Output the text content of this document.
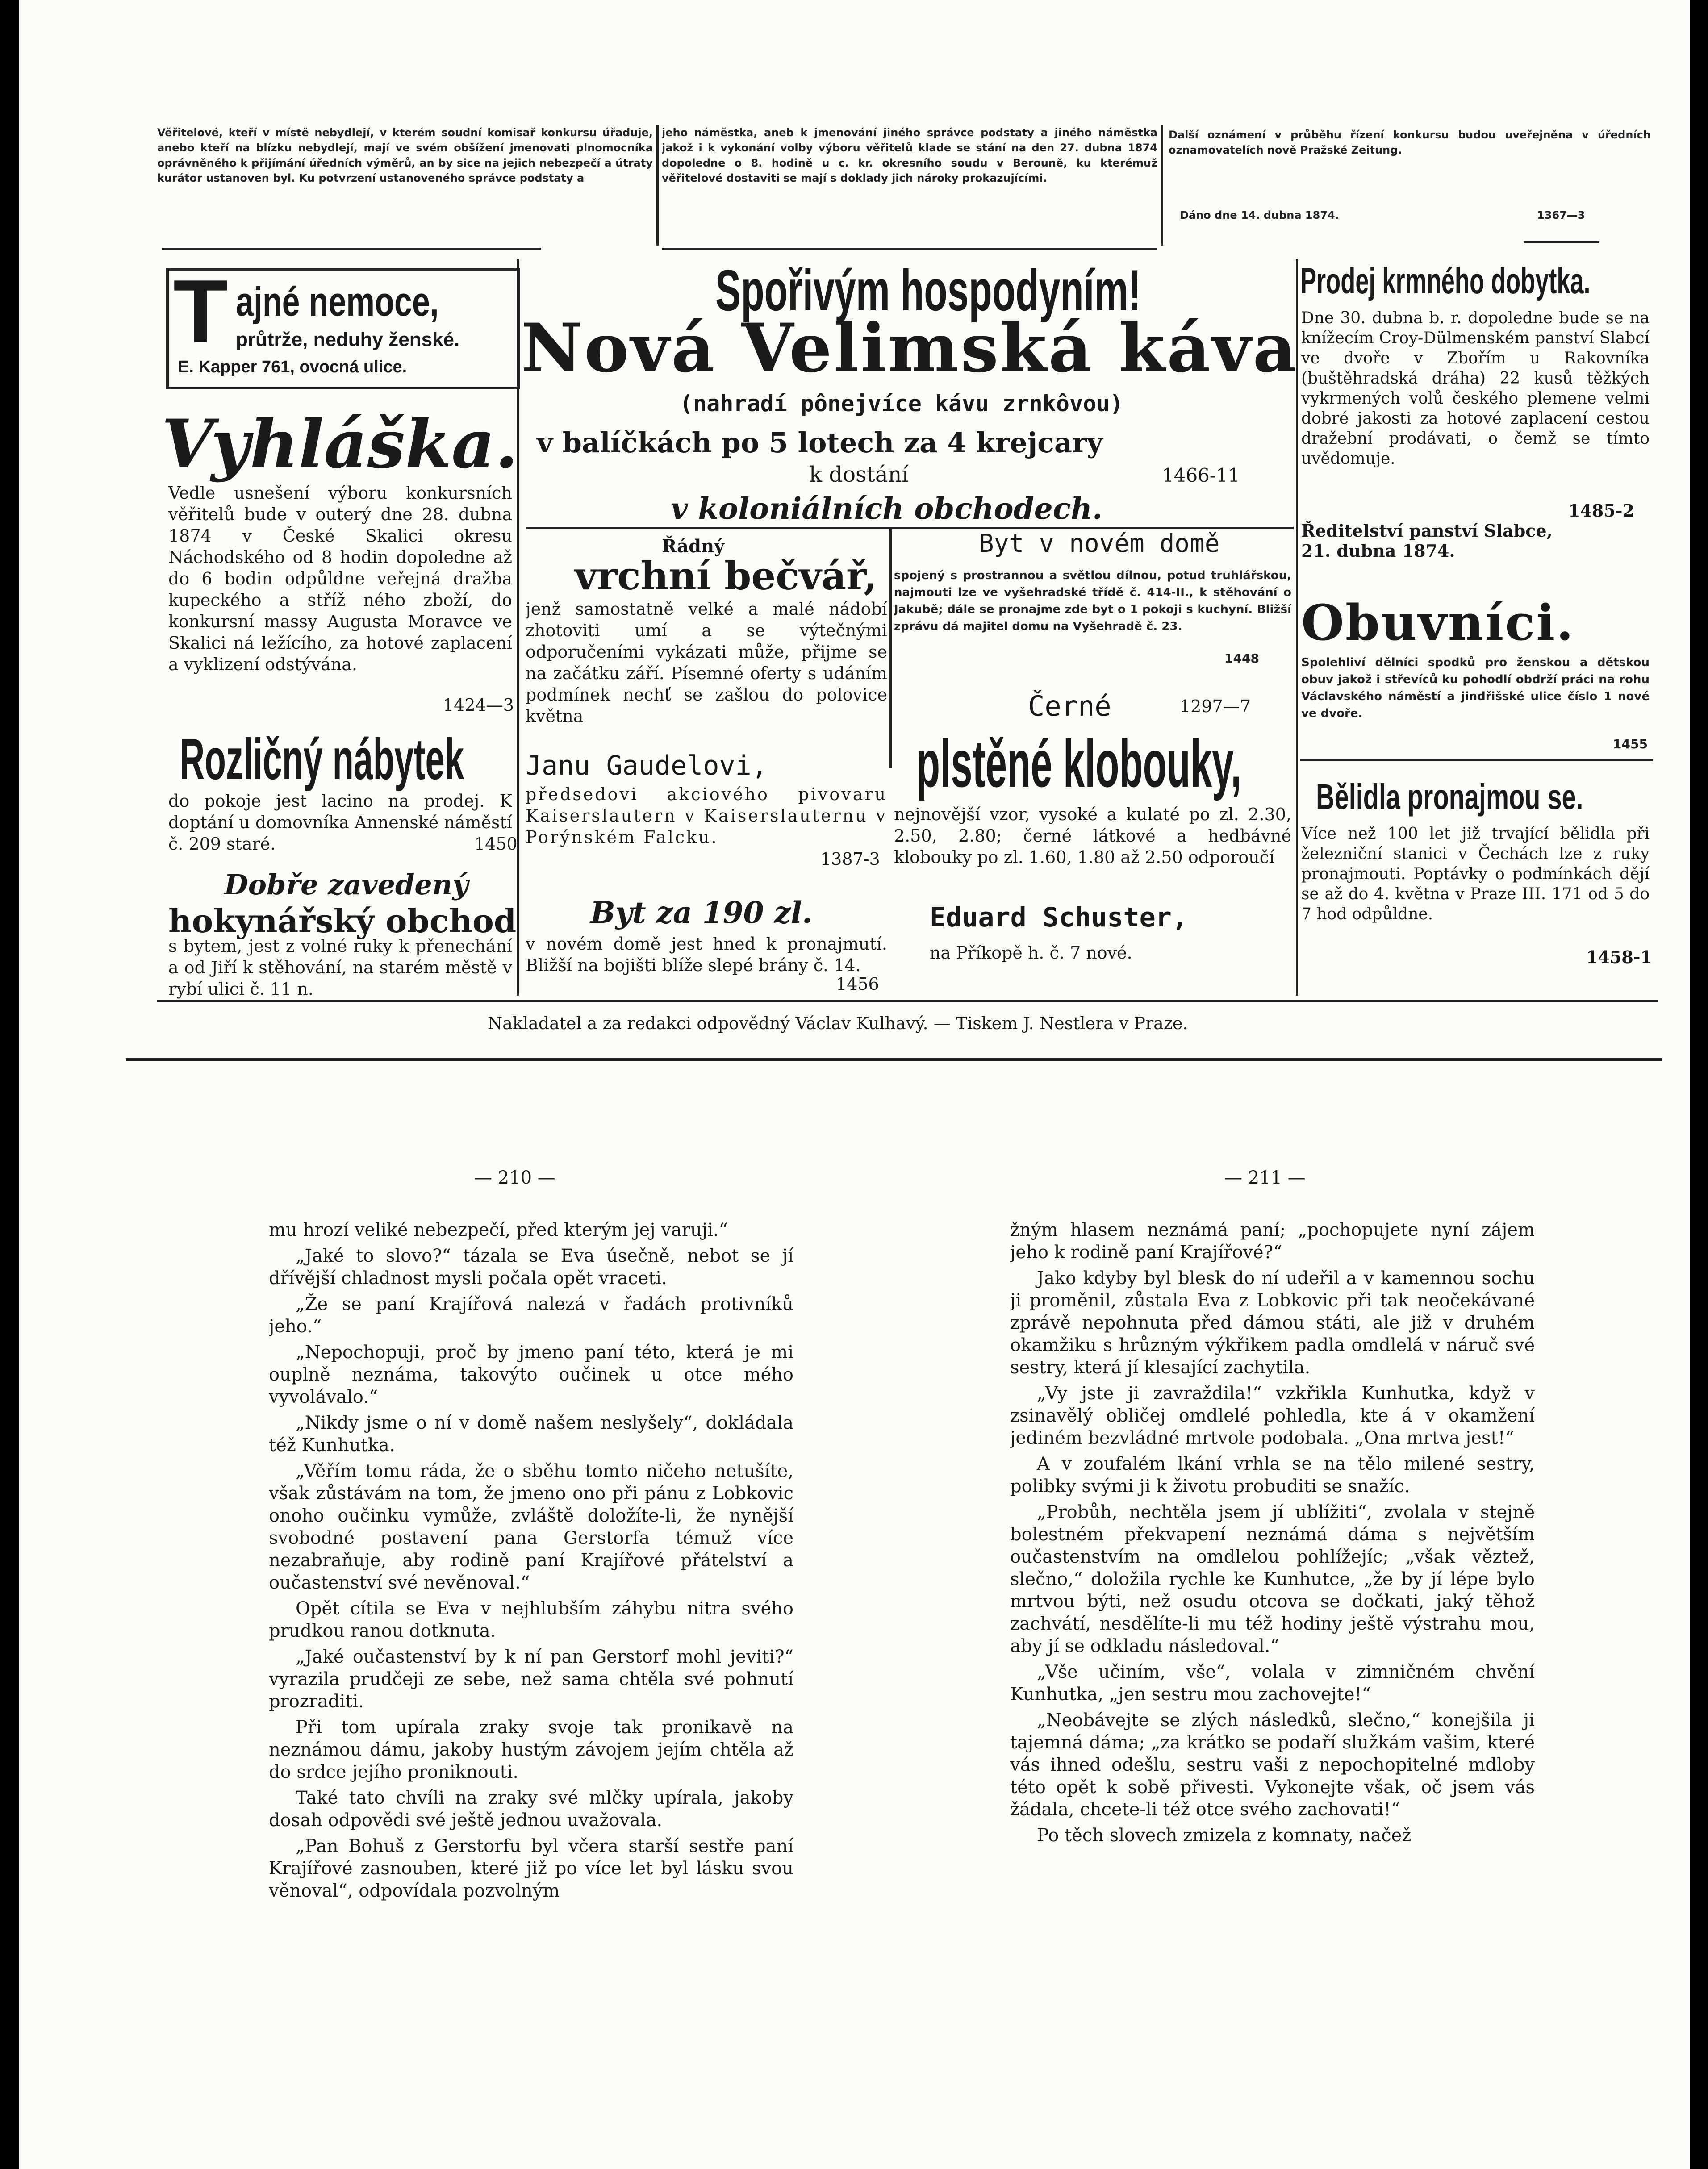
Věřitelové, kteří v místě nebydlejí, v kterém soudní komisař konkursu úřaduje, anebo kteří na blízku nebydlejí, mají ve svém obšížení jmenovati plnomocníka oprávněného k přijímání úředních výměrů, an by sice na jejich nebezpečí a útraty kurátor ustanoven byl. Ku potvrzení ustanoveného správce podstaty a
jeho náměstka, aneb k jmenování jiného správce podstaty a jiného náměstka jakož i k vykonání volby výboru věřitelů klade se stání na den 27. dubna 1874 dopoledne o 8. hodině u c. kr. okresního soudu v Berouně, ku kterémuž věřitelové dostaviti se mají s doklady jich nároky prokazujícími.
Další oznámení v průběhu řízení konkursu budou uveřejněna v úředních oznamovatelích nově Pražské Zeitung.
Dáno dne 14. dubna 1874.	1367—3
T ajné nemoce,
průtrže, neduhy ženské.
E. Kapper 761, ovocná ulice.
Vyhláška.
Vedle usnešení výboru konkursních věřitelů bude v outerý dne 28. dubna 1874 v České Skalici okresu Náchodského od 8 hodin dopoledne až do 6 bodin odpůldne veřejná dražba kupeckého a stříž ného zboží, do konkursní massy Augusta Moravce ve Skalici ná ležícího, za hotové zaplacení a vyklizení odstývána.
1424—3
Rozličný nábytek
do pokoje jest lacino na prodej. K doptání u domovníka Annenské náměstí č. 209 staré.	1450
Dobře zavedený
hokynářský obchod
s bytem, jest z volné ruky k přenechání a od Jiří k stěhování, na starém městě v rybí ulici č. 11 n.
Spořivým hospodyním!
Nová Velimská káva
(nahradí pônejvíce kávu zrnkôvou)
v balíčkách po 5 lotech za 4 krejcary
k dostání	1466-11
v koloniálních obchodech.
Řádný
vrchní bečvář,
jenž samostatně velké a malé nádobí zhotoviti umí a se výtečnými odporučeními vykázati může, přijme se na začátku září. Písemné oferty s udáním podmínek nechť se zašlou do polovice května
Janu Gaudelovi,
předsedovi akciového pivovaru Kaiserslautern v Kaiserslauternu v Porýnském Falcku.
1387-3
Byt za 190 zl.
v novém domě jest hned k pronajmutí. Bližší na bojišti blíže slepé brány č. 14.
1456
Byt v novém domě
spojený s prostrannou a světlou dílnou, potud truhlářskou, najmouti lze ve vyšehradské třídě č. 414-II., k stěhování o Jakubě; dále se pronajme zde byt o 1 pokoji s kuchyní. Bližší zprávu dá majitel domu na Vyšehradě č. 23.
1448
Černé	1297—7
plstěné klobouky,
nejnovější vzor, vysoké a kulaté po zl. 2.30, 2.50, 2.80; černé látkové a hedbávné klobouky po zl. 1.60, 1.80 až 2.50 odporoučí
Eduard Schuster,
na Příkopě h. č. 7 nové.
Prodej krmného dobytka.
Dne 30. dubna b. r. dopoledne bude se na knížecím Croy-Dülmenském panství Slabcí ve dvoře v Zbořím u Rakovníka (buštěhradská dráha) 22 kusů těžkých vykrmených volů českého plemene velmi dobré jakosti za hotové zaplacení cestou dražební prodávati, o čemž se tímto uvědomuje.
1485-2
Ředitelství panství Slabce,
21. dubna 1874.
Obuvníci.
Spolehliví dělníci spodků pro ženskou a dětskou obuv jakož i střevíců ku pohodlí obdrží práci na rohu Václavského náměstí a jindřišské ulice číslo 1 nové ve dvoře.
1455
Bělidla pronajmou se.
Více než 100 let již trvající bělidla při železniční stanici v Čechách lze z ruky pronajmouti. Poptávky o podmínkách dějí se až do 4. května v Praze III. 171 od 5 do 7 hod odpůldne.
1458-1
Nakladatel a za redakci odpovědný Václav Kulhavý. — Tiskem J. Nestlera v Praze.
— 210 —

mu hrozí veliké nebezpečí, před kterým jej varuji.“

„Jaké to slovo?“ tázala se Eva úsečně, nebot se jí dřívější chladnost mysli počala opět vraceti.

„Že se paní Krajířová nalezá v řadách protivníků jeho.“

„Nepochopuji, proč by jmeno paní této, která je mi ouplně neznáma, takovýto oučinek u otce mého vyvolávalo.“

„Nikdy jsme o ní v domě našem neslyšely“, dokládala též Kunhutka.

„Věřím tomu ráda, že o sběhu tomto ničeho netušíte, však zůstávám na tom, že jmeno ono při pánu z Lobkovic onoho oučinku vymůže, zvláště doložíte-li, že nynější svobodné postavení pana Gerstorfa témuž více nezabraňuje, aby rodině paní Krajířové přátelství a oučastenství své nevěnoval.“

Opět cítila se Eva v nejhlubším záhybu nitra svého prudkou ranou dotknuta.

„Jaké oučastenství by k ní pan Gerstorf mohl jeviti?“ vyrazila prudčeji ze sebe, než sama chtěla své pohnutí prozraditi.

Při tom upírala zraky svoje tak pronikavě na neznámou dámu, jakoby hustým závojem jejím chtěla až do srdce jejího proniknouti.

Také tato chvíli na zraky své mlčky upírala, jakoby dosah odpovědi své ještě jednou uvažovala.

„Pan Bohuš z Gerstorfu byl včera starší sestře paní Krajířové zasnouben, které již po více let byl lásku svou věnoval“, odpovídala pozvolným

— 211 —

žným hlasem neznámá paní; „pochopujete nyní zájem jeho k rodině paní Krajířové?“

Jako kdyby byl blesk do ní udeřil a v kamennou sochu ji proměnil, zůstala Eva z Lobkovic při tak neočekávané zprávě nepohnuta před dámou státi, ale již v druhém okamžiku s hrůzným výkřikem padla omdlelá v náruč své sestry, která jí klesající zachytila.

„Vy jste ji zavraždila!“ vzkřikla Kunhutka, když v zsinavělý obličej omdlelé pohledla, kte á v okamžení jediném bezvládné mrtvole podobala. „Ona mrtva jest!“

A v zoufalém lkání vrhla se na tělo milené sestry, polibky svými ji k životu probuditi se snažíc.

„Probůh, nechtěla jsem jí ublížiti“, zvolala v stejně bolestném překvapení neznámá dáma s největším oučastenstvím na omdlelou pohlížejíc; „však věztež, slečno,“ doložila rychle ke Kunhutce, „že by jí lépe bylo mrtvou býti, než osudu otcova se dočkati, jaký těhož zachvátí, nesdělíte-li mu též hodiny ještě výstrahu mou, aby jí se odkladu následoval.“

„Vše učiním, vše“, volala v zimničném chvění Kunhutka, „jen sestru mou zachovejte!“

„Neobávejte se zlých následků, slečno,“ konejšila ji tajemná dáma; „za krátko se podaří služkám vašim, které vás ihned odešlu, sestru vaši z nepochopitelné mdloby této opět k sobě přivesti. Vykonejte však, oč jsem vás žádala, chcete-li též otce svého zachovati!“

Po těch slovech zmizela z komnaty, načež
